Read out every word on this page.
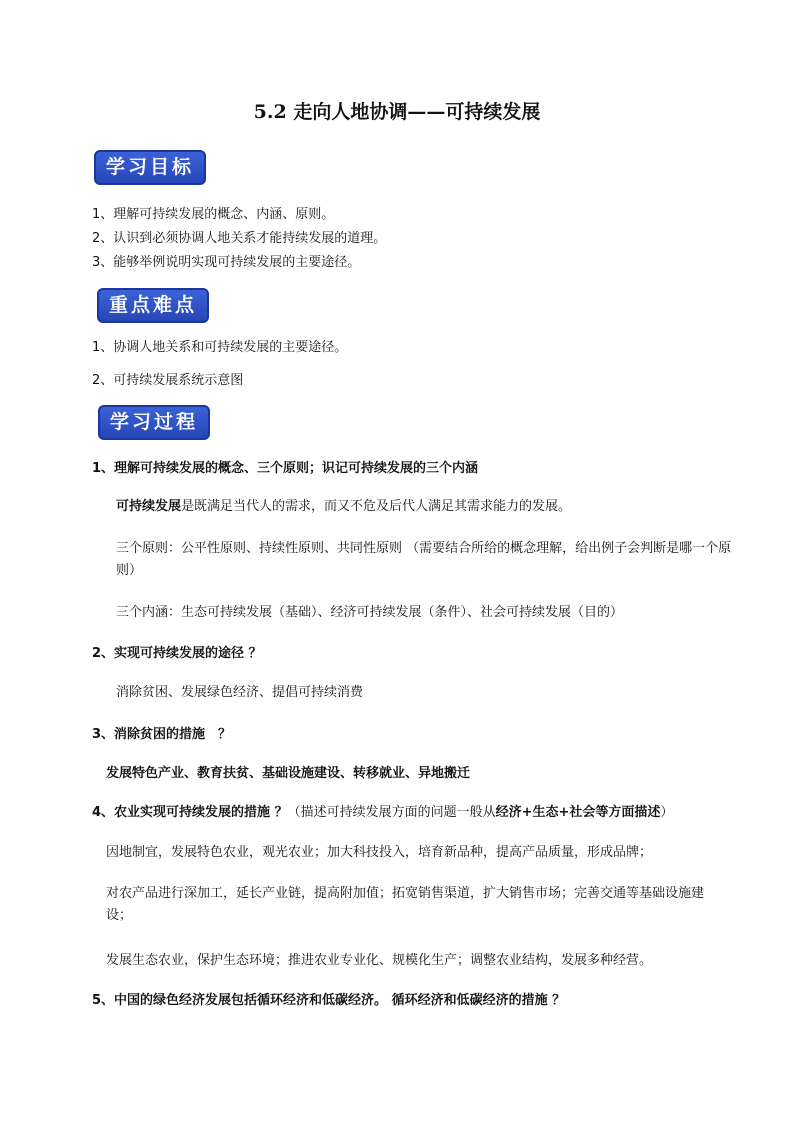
5.2 走向人地协调——可持续发展
学习目标
1、理解可持续发展的概念、内涵、原则。
2、认识到必须协调人地关系才能持续发展的道理。
3、能够举例说明实现可持续发展的主要途径。
重点难点
1、协调人地关系和可持续发展的主要途径。
2、可持续发展系统示意图
学习过程
1、理解可持续发展的概念、三个原则；识记可持续发展的三个内涵
可持续发展是既满足当代人的需求，而又不危及后代人满足其需求能力的发展。
三个原则：公平性原则、持续性原则、共同性原则 （需要结合所给的概念理解，给出例子会判断是哪一个原则）
三个内涵：生态可持续发展（基础）、经济可持续发展（条件）、社会可持续发展（目的）
2、实现可持续发展的途径 ？
消除贫困、发展绿色经济、提倡可持续消费
3、消除贫困的措施　？
发展特色产业、教育扶贫、基础设施建设、转移就业、异地搬迁
4、农业实现可持续发展的措施 ？（描述可持续发展方面的问题一般从经济+生态+社会等方面描述）
因地制宜，发展特色农业，观光农业；加大科技投入，培育新品种，提高产品质量，形成品牌；
对农产品进行深加工，延长产业链，提高附加值；拓宽销售渠道，扩大销售市场；完善交通等基础设施建设；
发展生态农业，保护生态环境；推进农业专业化、规模化生产；调整农业结构，发展多种经营。
5、中国的绿色经济发展包括循环经济和低碳经济。 循环经济和低碳经济的措施 ？
